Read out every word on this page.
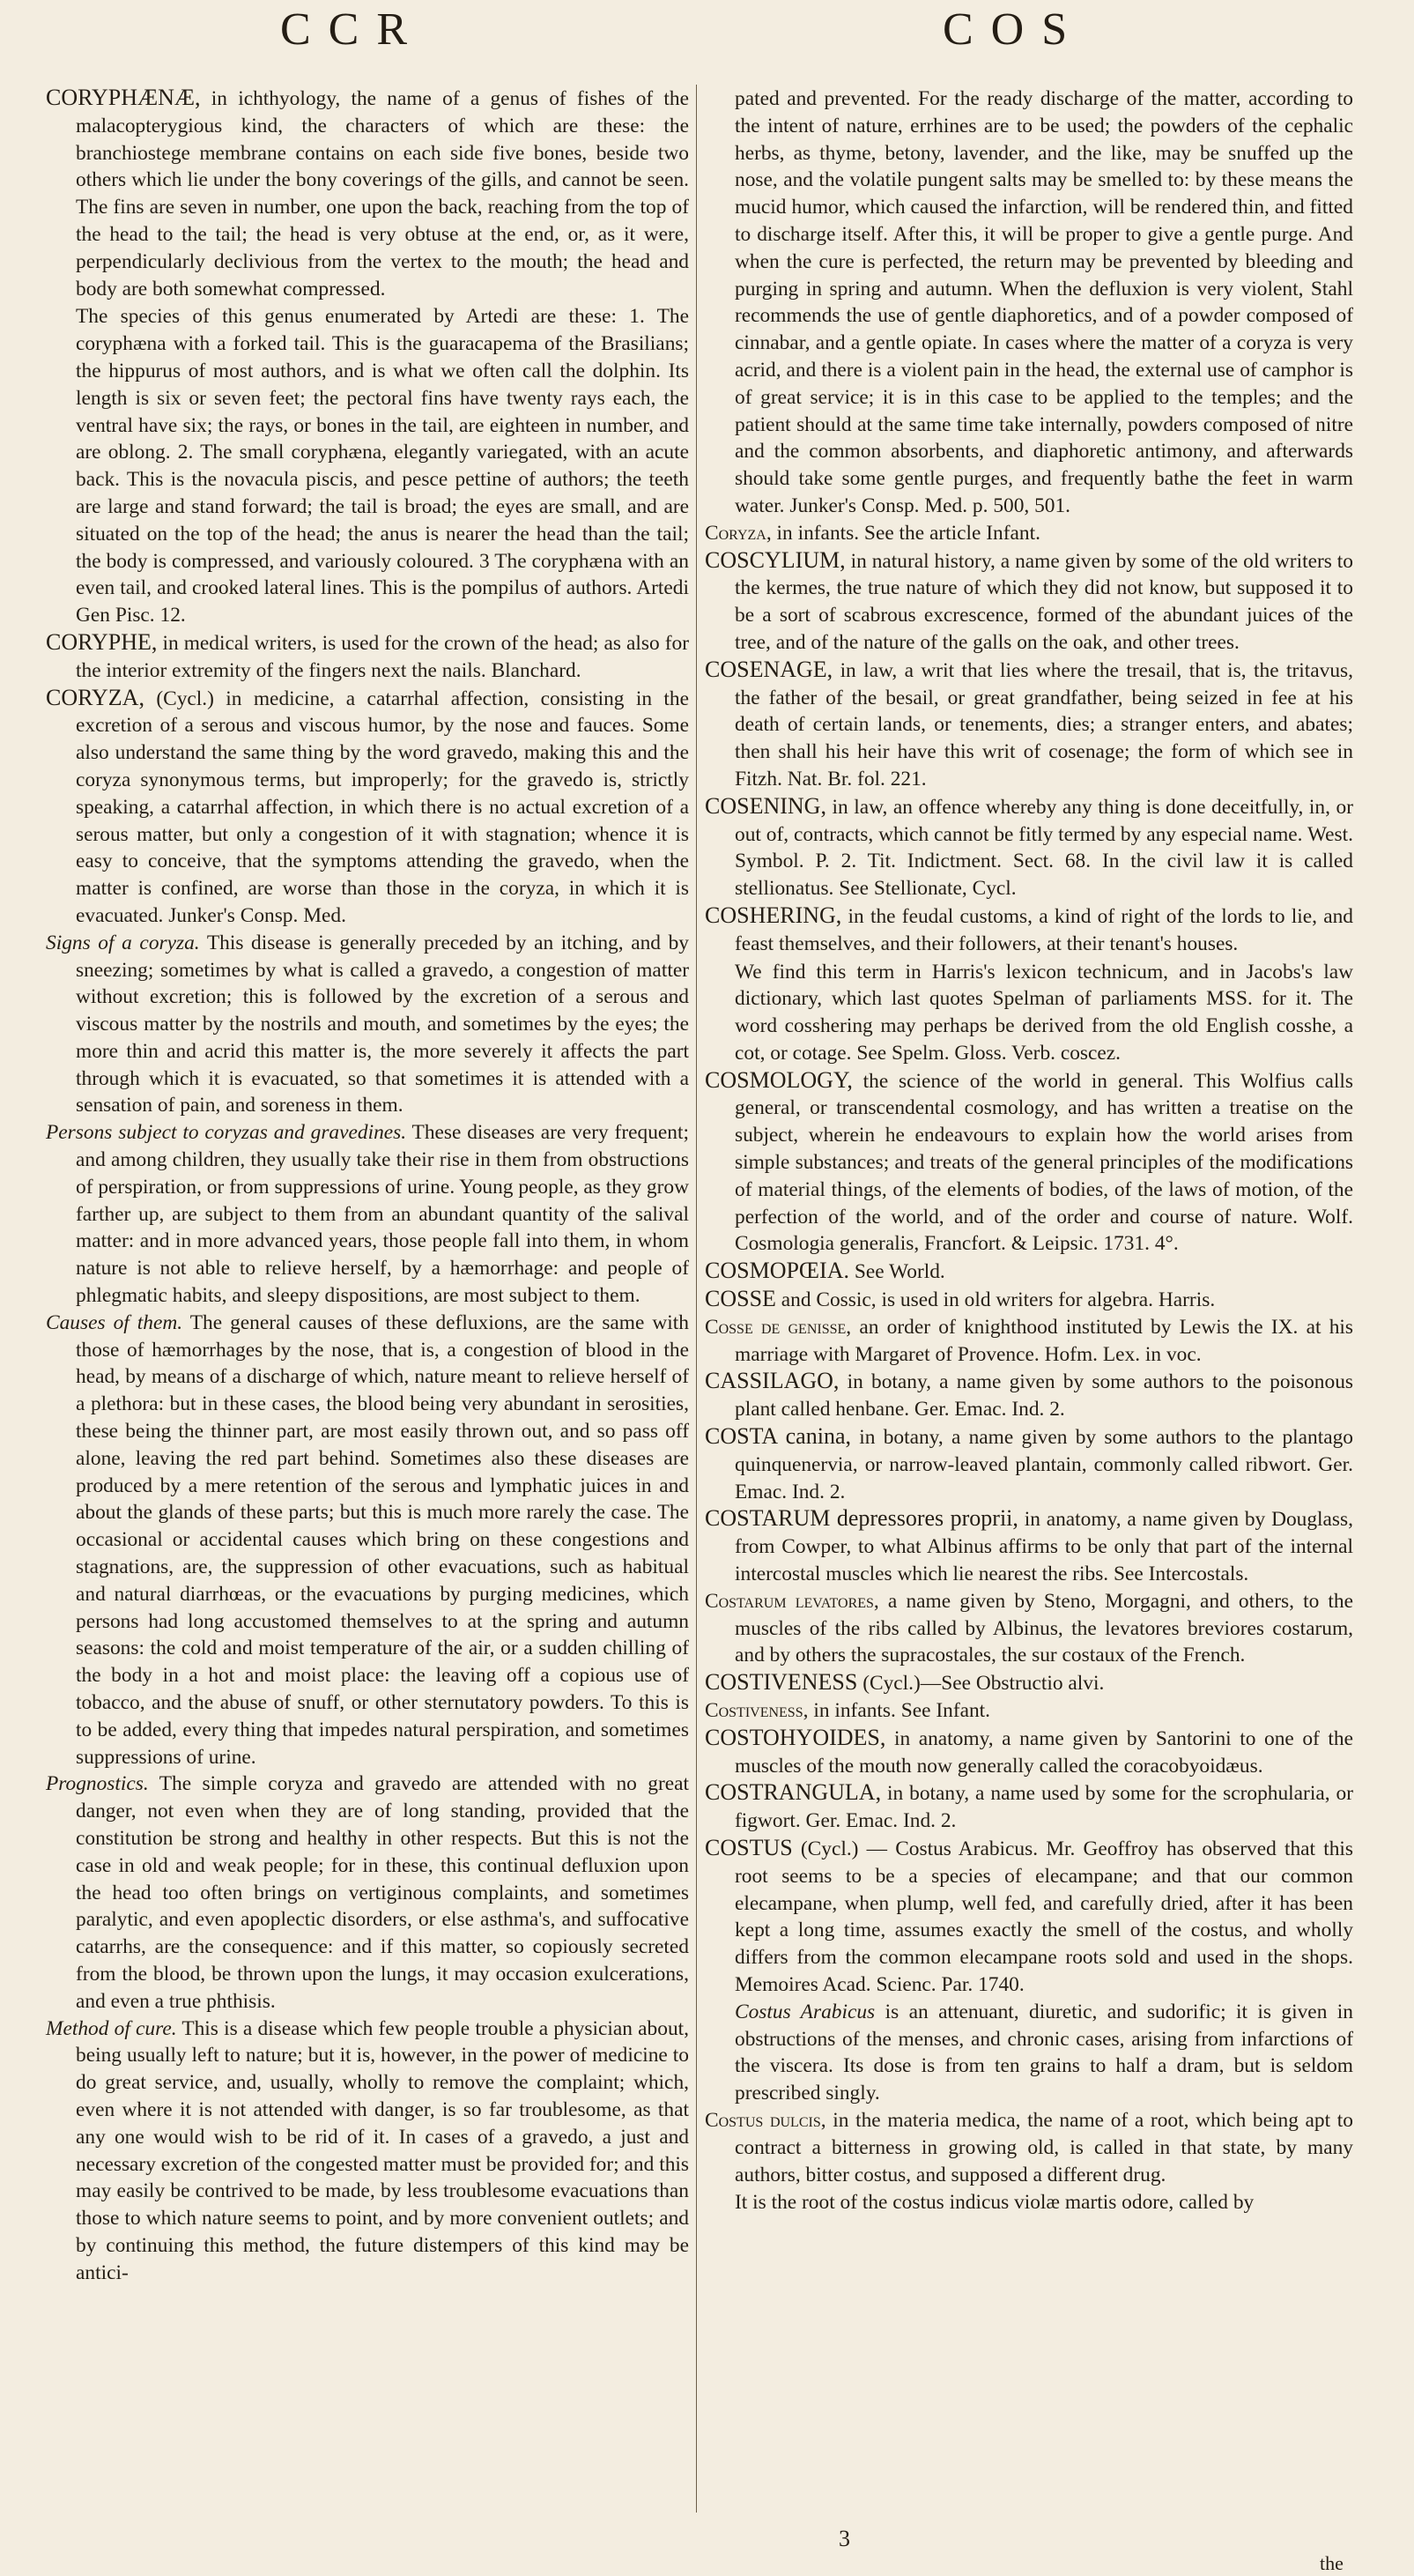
CCR	COS

CORYPHÆNÆ, in ichthyology, the name of a genus of fishes of the malacopterygious kind, the characters of which are these: the branchiostege membrane contains on each side five bones, beside two others which lie under the bony coverings of the gills, and cannot be seen. The fins are seven in number, one upon the back, reaching from the top of the head to the tail; the head is very obtuse at the end, or, as it were, perpendicularly declivious from the vertex to the mouth; the head and body are both somewhat compressed.

The species of this genus enumerated by Artedi are these: 1. The coryphæna with a forked tail. This is the guaracapema of the Brasilians; the hippurus of most authors, and is what we often call the dolphin. Its length is six or seven feet; the pectoral fins have twenty rays each, the ventral have six; the rays, or bones in the tail, are eighteen in number, and are oblong. 2. The small coryphæna, elegantly variegated, with an acute back. This is the novacula piscis, and pesce pettine of authors; the teeth are large and stand forward; the tail is broad; the eyes are small, and are situated on the top of the head; the anus is nearer the head than the tail; the body is compressed, and variously coloured. 3 The coryphæna with an even tail, and crooked lateral lines. This is the pompilus of authors. Artedi Gen Pisc. 12.

CORYPHE, in medical writers, is used for the crown of the head; as also for the interior extremity of the fingers next the nails. Blanchard.

CORYZA, (Cycl.) in medicine, a catarrhal affection, consisting in the excretion of a serous and viscous humor, by the nose and fauces. Some also understand the same thing by the word gravedo, making this and the coryza synonymous terms, but improperly; for the gravedo is, strictly speaking, a catarrhal affection, in which there is no actual excretion of a serous matter, but only a congestion of it with stagnation; whence it is easy to conceive, that the symptoms attending the gravedo, when the matter is confined, are worse than those in the coryza, in which it is evacuated. Junker's Consp. Med.

Signs of a coryza. This disease is generally preceded by an itching, and by sneezing; sometimes by what is called a gravedo, a congestion of matter without excretion; this is followed by the excretion of a serous and viscous matter by the nostrils and mouth, and sometimes by the eyes; the more thin and acrid this matter is, the more severely it affects the part through which it is evacuated, so that sometimes it is attended with a sensation of pain, and soreness in them.

Persons subject to coryzas and gravedines. These diseases are very frequent; and among children, they usually take their rise in them from obstructions of perspiration, or from suppressions of urine. Young people, as they grow farther up, are subject to them from an abundant quantity of the salival matter: and in more advanced years, those people fall into them, in whom nature is not able to relieve herself, by a hæmorrhage: and people of phlegmatic habits, and sleepy dispositions, are most subject to them.

Causes of them. The general causes of these defluxions, are the same with those of hæmorrhages by the nose, that is, a congestion of blood in the head, by means of a discharge of which, nature meant to relieve herself of a plethora: but in these cases, the blood being very abundant in serosities, these being the thinner part, are most easily thrown out, and so pass off alone, leaving the red part behind. Sometimes also these diseases are produced by a mere retention of the serous and lymphatic juices in and about the glands of these parts; but this is much more rarely the case. The occasional or accidental causes which bring on these congestions and stagnations, are, the suppression of other evacuations, such as habitual and natural diarrhœas, or the evacuations by purging medicines, which persons had long accustomed themselves to at the spring and autumn seasons: the cold and moist temperature of the air, or a sudden chilling of the body in a hot and moist place: the leaving off a copious use of tobacco, and the abuse of snuff, or other sternutatory powders. To this is to be added, every thing that impedes natural perspiration, and sometimes suppressions of urine.

Prognostics. The simple coryza and gravedo are attended with no great danger, not even when they are of long standing, provided that the constitution be strong and healthy in other respects. But this is not the case in old and weak people; for in these, this continual defluxion upon the head too often brings on vertiginous complaints, and sometimes paralytic, and even apoplectic disorders, or else asthma's, and suffocative catarrhs, are the consequence: and if this matter, so copiously secreted from the blood, be thrown upon the lungs, it may occasion exulcerations, and even a true phthisis.

Method of cure. This is a disease which few people trouble a physician about, being usually left to nature; but it is, however, in the power of medicine to do great service, and, usually, wholly to remove the complaint; which, even where it is not attended with danger, is so far troublesome, as that any one would wish to be rid of it. In cases of a gravedo, a just and necessary excretion of the congested matter must be provided for; and this may easily be contrived to be made, by less troublesome evacuations than those to which nature seems to point, and by more convenient outlets; and by continuing this method, the future distempers of this kind may be antici-

pated and prevented. For the ready discharge of the matter, according to the intent of nature, errhines are to be used; the powders of the cephalic herbs, as thyme, betony, lavender, and the like, may be snuffed up the nose, and the volatile pungent salts may be smelled to: by these means the mucid humor, which caused the infarction, will be rendered thin, and fitted to discharge itself. After this, it will be proper to give a gentle purge. And when the cure is perfected, the return may be prevented by bleeding and purging in spring and autumn. When the defluxion is very violent, Stahl recommends the use of gentle diaphoretics, and of a powder composed of cinnabar, and a gentle opiate. In cases where the matter of a coryza is very acrid, and there is a violent pain in the head, the external use of camphor is of great service; it is in this case to be applied to the temples; and the patient should at the same time take internally, powders composed of nitre and the common absorbents, and diaphoretic antimony, and afterwards should take some gentle purges, and frequently bathe the feet in warm water. Junker's Consp. Med. p. 500, 501.

Coryza, in infants. See the article Infant.

COSCYLIUM, in natural history, a name given by some of the old writers to the kermes, the true nature of which they did not know, but supposed it to be a sort of scabrous excrescence, formed of the abundant juices of the tree, and of the nature of the galls on the oak, and other trees.

COSENAGE, in law, a writ that lies where the tresail, that is, the tritavus, the father of the besail, or great grandfather, being seized in fee at his death of certain lands, or tenements, dies; a stranger enters, and abates; then shall his heir have this writ of cosenage; the form of which see in Fitzh. Nat. Br. fol. 221.

COSENING, in law, an offence whereby any thing is done deceitfully, in, or out of, contracts, which cannot be fitly termed by any especial name. West. Symbol. P. 2. Tit. Indictment. Sect. 68. In the civil law it is called stellionatus. See Stellionate, Cycl.

COSHERING, in the feudal customs, a kind of right of the lords to lie, and feast themselves, and their followers, at their tenant's houses.

We find this term in Harris's lexicon technicum, and in Jacobs's law dictionary, which last quotes Spelman of parliaments MSS. for it. The word cosshering may perhaps be derived from the old English cosshe, a cot, or cotage. See Spelm. Gloss. Verb. coscez.

COSMOLOGY, the science of the world in general. This Wolfius calls general, or transcendental cosmology, and has written a treatise on the subject, wherein he endeavours to explain how the world arises from simple substances; and treats of the general principles of the modifications of material things, of the elements of bodies, of the laws of motion, of the perfection of the world, and of the order and course of nature. Wolf. Cosmologia generalis, Francfort. & Leipsic. 1731. 4°.

COSMOPŒIA. See World.

COSSE and Cossic, is used in old writers for algebra. Harris.

Cosse de genisse, an order of knighthood instituted by Lewis the IX. at his marriage with Margaret of Provence. Hofm. Lex. in voc.

CASSILAGO, in botany, a name given by some authors to the poisonous plant called henbane. Ger. Emac. Ind. 2.

COSTA canina, in botany, a name given by some authors to the plantago quinquenervia, or narrow-leaved plantain, commonly called ribwort. Ger. Emac. Ind. 2.

COSTARUM depressores proprii, in anatomy, a name given by Douglass, from Cowper, to what Albinus affirms to be only that part of the internal intercostal muscles which lie nearest the ribs. See Intercostals.

Costarum levatores, a name given by Steno, Morgagni, and others, to the muscles of the ribs called by Albinus, the levatores breviores costarum, and by others the supracostales, the sur costaux of the French.

COSTIVENESS (Cycl.)—See Obstructio alvi.

Costiveness, in infants. See Infant.

COSTOHYOIDES, in anatomy, a name given by Santorini to one of the muscles of the mouth now generally called the coracobyoidæus.

COSTRANGULA, in botany, a name used by some for the scrophularia, or figwort. Ger. Emac. Ind. 2.

COSTUS (Cycl.) — Costus Arabicus. Mr. Geoffroy has observed that this root seems to be a species of elecampane; and that our common elecampane, when plump, well fed, and carefully dried, after it has been kept a long time, assumes exactly the smell of the costus, and wholly differs from the common elecampane roots sold and used in the shops. Memoires Acad. Scienc. Par. 1740.

Costus Arabicus is an attenuant, diuretic, and sudorific; it is given in obstructions of the menses, and chronic cases, arising from infarctions of the viscera. Its dose is from ten grains to half a dram, but is seldom prescribed singly.

Costus dulcis, in the materia medica, the name of a root, which being apt to contract a bitterness in growing old, is called in that state, by many authors, bitter costus, and supposed a different drug.

It is the root of the costus indicus violæ martis odore, called by

3
the
